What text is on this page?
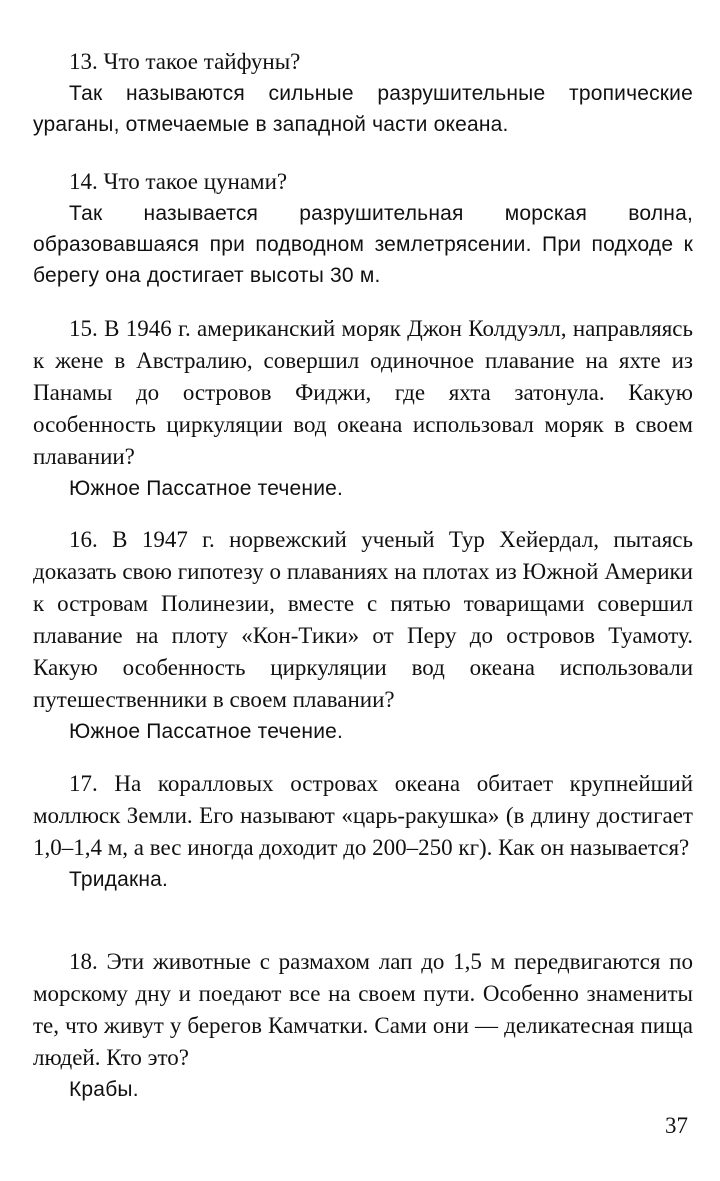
13. Что такое тайфуны?

Так называются сильные разрушительные тропические ураганы, отмечаемые в западной части океана.

14. Что такое цунами?

Так называется разрушительная морская волна, образовавшаяся при подводном землетрясении. При подходе к берегу она достигает высоты 30 м.

15. В 1946 г. американский моряк Джон Колдуэлл, направляясь к жене в Австралию, совершил одиночное плавание на яхте из Панамы до островов Фиджи, где яхта затонула. Какую особенность циркуляции вод океана использовал моряк в своем плавании?

Южное Пассатное течение.

16. В 1947 г. норвежский ученый Тур Хейердал, пытаясь доказать свою гипотезу о плаваниях на плотах из Южной Америки к островам Полинезии, вместе с пятью товарищами совершил плавание на плоту «Кон-Тики» от Перу до островов Туамоту. Какую особенность циркуляции вод океана использовали путешественники в своем плавании?

Южное Пассатное течение.

17. На коралловых островах океана обитает крупнейший моллюск Земли. Его называют «царь-ракушка» (в длину достигает 1,0–1,4 м, а вес иногда доходит до 200–250 кг). Как он называется?

Тридакна.

18. Эти животные с размахом лап до 1,5 м передвигаются по морскому дну и поедают все на своем пути. Особенно знамениты те, что живут у берегов Камчатки. Сами они — деликатесная пища людей. Кто это?

Крабы.

37
